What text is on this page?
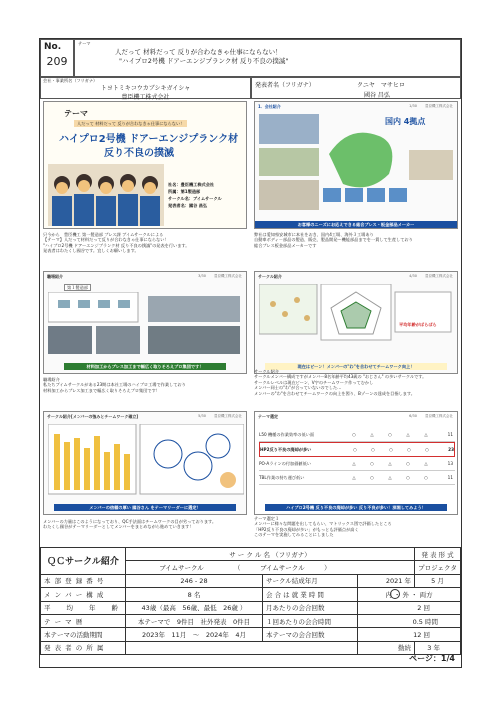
No.
209
テーマ
人だって 材料だって 反りが合わなきゃ仕事にならない！
"ハイプロ2号機 ドアーエンジプランク材 反り不良の撲滅"
会社・事業所名（フリガナ）
トヨトミキコウカブシキガイシャ
豊臣機工株式会社
発表者名（フリガナ）	クニヤ　マサヒロ
國谷 昌弘
テーマ
人だって 材料だって 反りが合わなきゃ仕事にならない！
ハイプロ2号機 ドアーエンジプランク材
反り不良の撲滅
社名：豊臣機工株式会社
所属：第1製造部
サークル名：ブイムサークル
発表者名：國谷 昌弘
1．会社紹介	1/30 豊臣機工株式会社
国内 4拠点
お客様のニーズにお応えできる総合プレス・板金部品メーカー
只今から　豊臣機工 第一製造部 プレス課 ブイムサークルによる
【テーマ】人だって材料だって反りが合わなきゃ仕事にならない！
"ハイプロ2号機 ドアーエンジプランク材 反り不良の撲滅"の発表を行います。
発表者はわたくし國谷です。宜しくお願いします。
弊社は愛知県安城市に本社をおき、国内4工場、海外３工場あり
自動車ボディ－部品の製造、販売、製品開発～機能部品までを一貫して生産しており
総合プレス板金部品メーカーです
職場紹介	3/30 豊臣機工株式会社
第１製造部
材料加工からプレス加工まで幅広く取りそろえプロ集団です！
サークル紹介	4/30 豊臣機工株式会社
平均年齢がばらばら
現在はピーン！メンバーの"わ"を合わせてチームワーク向上！
職場紹介
私たちブイムサークルがある23期は本社工場のハイプロ工場で作業しており
材料加工からプレス加工まで幅広く取りそろえプロ集団です！
サークル紹介
サークルメンバー構成ですがメンバー8名年齢平均43歳の "おじさん" の多いサークルです。
サークルレベルは現在ピーン、V字のチームワーク作ってむかし
メンバー同士の"わ"が合っていないのでした…
メンバーの"わ"を合わせてチームワークの向上を図り、Bゾーンの達成を目指します。
サークル紹介[メンバーの強みとチームワーク確立]	5/30 豊臣機工株式会社
メンバーの信頼の厚い 國谷さん をテーマリーダーに選定！
テーマ選定	6/30 豊臣機工株式会社
L50 機種の作業効率の低い面	○	△	○	△	△	11
HP2反り不良の廃却が多い	○	○	○	○	○	23
PO-Aラインの付加価値低い	△	○	△	○	△	13
TBL作業の持ち運び低い	△	○	△	○	○	11
ハイプロ2号機 反り不良の廃却が多い 反り不良が多い！深堀してみよう！
メンバーの力量はこのようになっており、QC手法面はチームワークの目が劣っております。
わたくし國谷がテーマリーダーとしてメンバーをまとめながら進めていきます！
テーマ選定１
メンバーに様々な問題を出してもらい、マトリックス図で評価したところ
「HP2反り不良の廃却が多い」がもっとも評価点が高く
このテーマを実施してみることにしました
ＱＣサークル紹介	サ ー ク ル 名 （フリガナ）			発 表 形 式
	ブイムサークル （　　　ブイムサークル　　　）			プロジェクタ
本 部 登 録 番 号	246 - 28	サークル結成年月	2021 年	5 月
メ ン バ ー 構 成	8 名	会 合 は 就 業 時 間	内 ・ 外 ・ 両方	
平　　均　　年　　齢	43歳（最高　56歳、最低　26歳 ）	月あたりの会合回数	2 回	
テ ー マ 暦	本テーマで　9件目　社外発表　0件目	１回あたりの会合時間	0.5 時間	
本テーマの活動期間	2023年　11月　～　2024年　4月	本テーマの会合回数	12 回	
発 表 者 の 所 属			勤続	3 年
ページ：1/4
